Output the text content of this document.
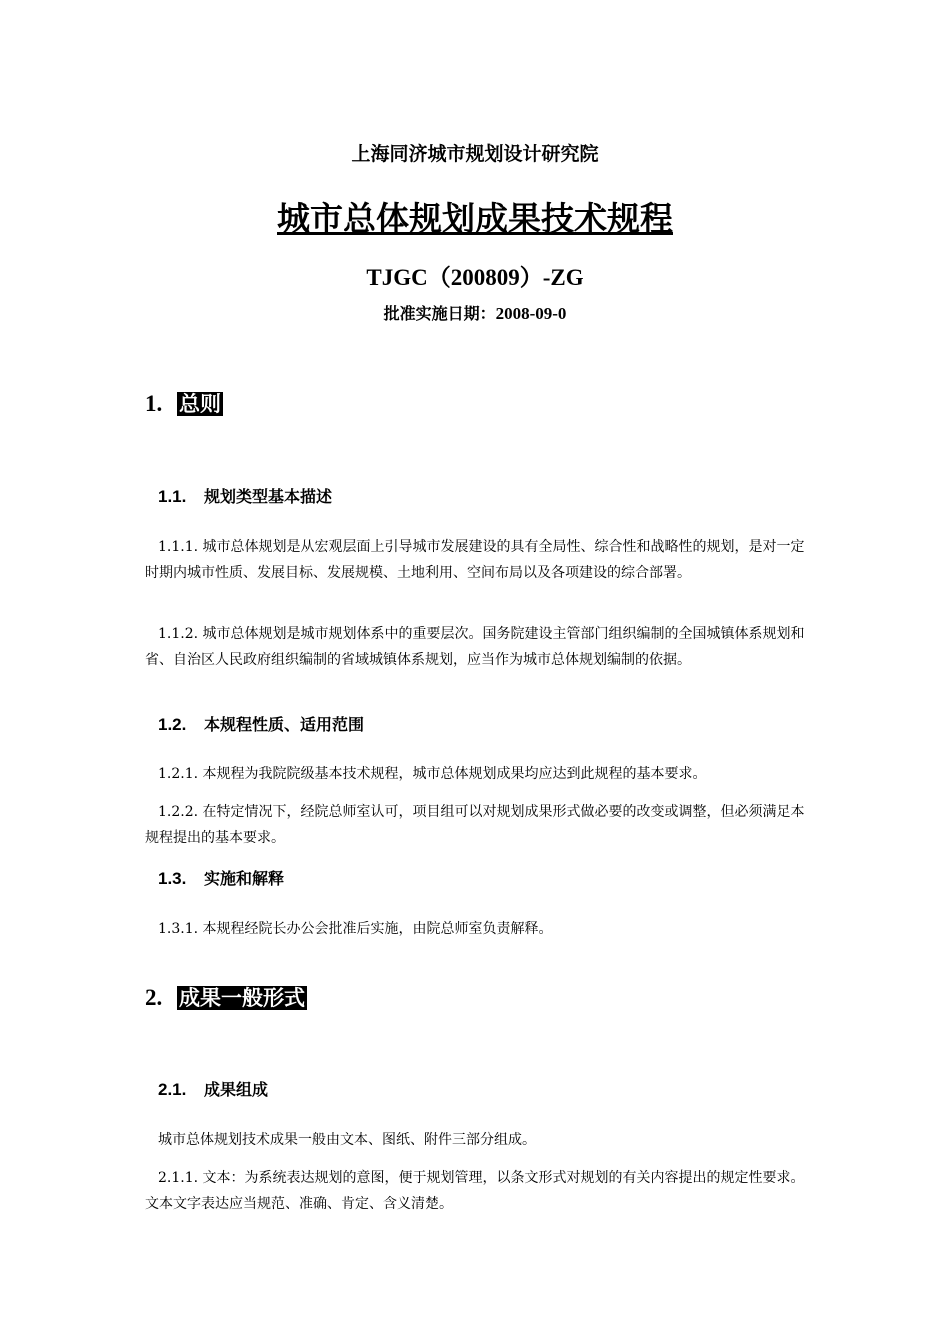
上海同济城市规划设计研究院
城市总体规划成果技术规程
TJGC（200809）-ZG
批准实施日期：2008-09-0
1. 总则
1.1. 规划类型基本描述
1.1.1. 城市总体规划是从宏观层面上引导城市发展建设的具有全局性、综合性和战略性的规划，是对一定时期内城市性质、发展目标、发展规模、土地利用、空间布局以及各项建设的综合部署。
1.1.2. 城市总体规划是城市规划体系中的重要层次。国务院建设主管部门组织编制的全国城镇体系规划和省、自治区人民政府组织编制的省域城镇体系规划，应当作为城市总体规划编制的依据。
1.2. 本规程性质、适用范围
1.2.1. 本规程为我院院级基本技术规程，城市总体规划成果均应达到此规程的基本要求。
1.2.2. 在特定情况下，经院总师室认可，项目组可以对规划成果形式做必要的改变或调整，但必须满足本规程提出的基本要求。
1.3. 实施和解释
1.3.1. 本规程经院长办公会批准后实施，由院总师室负责解释。
2. 成果一般形式
2.1. 成果组成
城市总体规划技术成果一般由文本、图纸、附件三部分组成。
2.1.1. 文本：为系统表达规划的意图，便于规划管理，以条文形式对规划的有关内容提出的规定性要求。文本文字表达应当规范、准确、肯定、含义清楚。
